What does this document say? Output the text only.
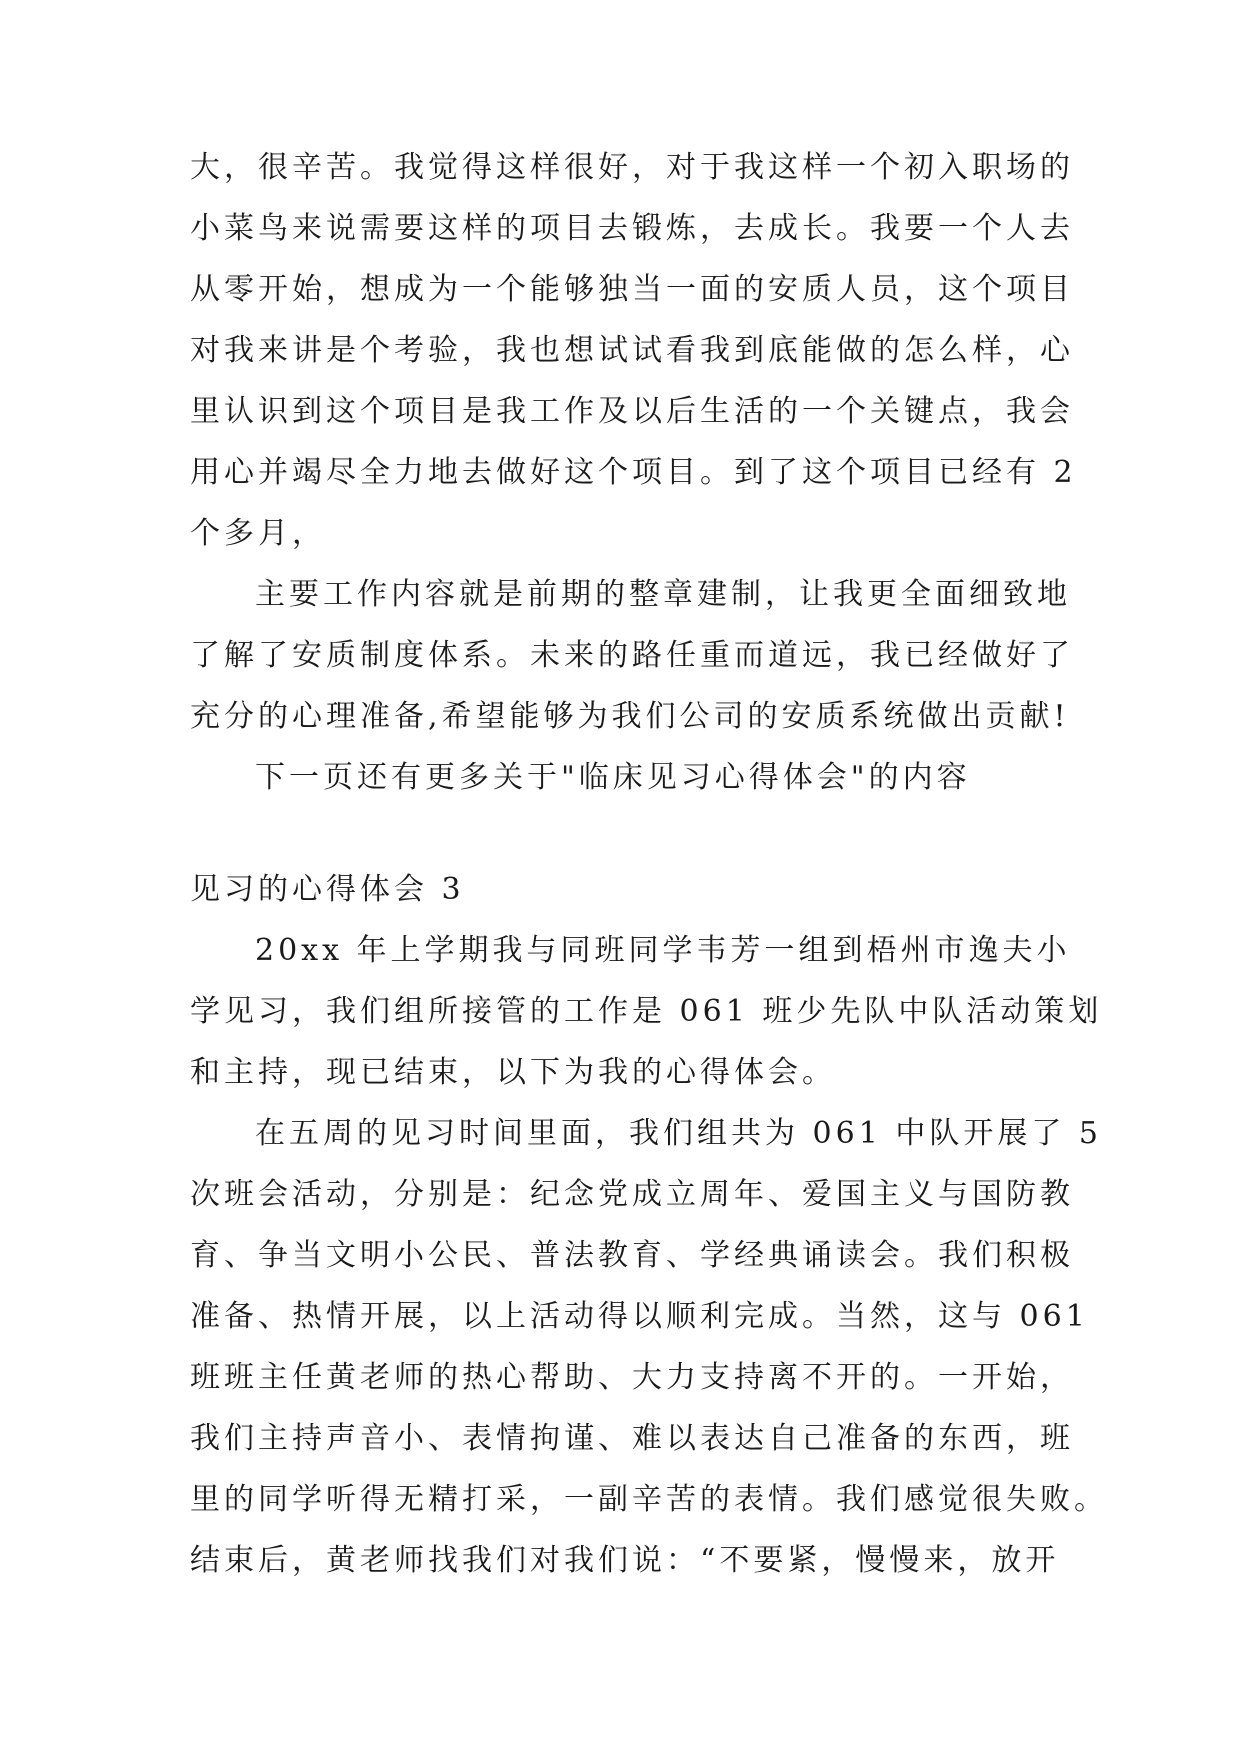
大，很辛苦。我觉得这样很好，对于我这样一个初入职场的
小菜鸟来说需要这样的项目去锻炼，去成长。我要一个人去
从零开始，想成为一个能够独当一面的安质人员，这个项目
对我来讲是个考验，我也想试试看我到底能做的怎么样，心
里认识到这个项目是我工作及以后生活的一个关键点，我会
用心并竭尽全力地去做好这个项目。到了这个项目已经有 2
个多月，
主要工作内容就是前期的整章建制，让我更全面细致地
了解了安质制度体系。未来的路任重而道远，我已经做好了
充分的心理准备,希望能够为我们公司的安质系统做出贡献!
下一页还有更多关于"临床见习心得体会"的内容
见习的心得体会 3
20xx 年上学期我与同班同学韦芳一组到梧州市逸夫小
学见习，我们组所接管的工作是 061 班少先队中队活动策划
和主持，现已结束，以下为我的心得体会。
在五周的见习时间里面，我们组共为 061 中队开展了 5
次班会活动，分别是：纪念党成立周年、爱国主义与国防教
育、争当文明小公民、普法教育、学经典诵读会。我们积极
准备、热情开展，以上活动得以顺利完成。当然，这与 061
班班主任黄老师的热心帮助、大力支持离不开的。一开始，
我们主持声音小、表情拘谨、难以表达自己准备的东西，班
里的同学听得无精打采，一副辛苦的表情。我们感觉很失败。
结束后，黄老师找我们对我们说：“不要紧，慢慢来，放开
